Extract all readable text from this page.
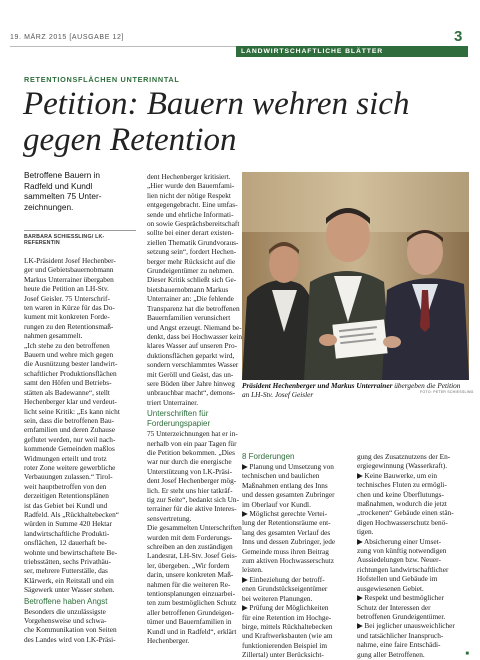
19. MÄRZ 2015 [AUSGABE 12]
LANDWIRTSCHAFTLICHE BLÄTTER
3
RETENTIONSFLÄCHEN UNTERINNTAL
Petition: Bauern wehren sich
gegen Retention
Betroffene Bauern in
Radfeld und Kundl
sammelten 75 Unter-
zeichnungen.
BARBARA SCHIESSLING/ LK-REFERENTIN
LK-Präsident Josef Hechenber-
ger und Gebietsbauernobmann
Markus Unterrainer übergaben
heute die Petition an LH-Stv.
Josef Geisler. 75 Unterschrif-
ten waren in Kürze für das Do-
kument mit konkreten Forde-
rungen zu den Retentionsmaß-
nahmen gesammelt.
„Ich stehe zu den betroffenen
Bauern und wehre mich gegen
die Ausnützung bester landwirt-
schaftlicher Produktionsflächen
samt den Höfen und Betriebs-
stätten als Badewanne“, stellt
Hechenberger klar und verdeut-
licht seine Kritik: „Es kann nicht
sein, dass die betroffenen Bau-
ernfamilien und deren Zuhause
geflutet werden, nur weil nach-
kommende Gemeinden maßlos
Widmungen erteilt und trotz
roter Zone weitere gewerbliche
Verbauungen zulassen.“ Tirol-
weit hauptbetroffen von den
derzeitigen Retentionsplänen
ist das Gebiet bei Kundl und
Radfeld. Als „Rückhaltebecken“
würden in Summe 420 Hektar
landwirtschaftliche Produkti-
onsflächen, 12 dauerhaft be-
wohnte und bewirtschaftete Be-
triebsstätten, sechs Privathäu-
ser, mehrere Futterställe, das
Klärwerk, ein Reitstall und ein
Sägewerk unter Wasser stehen.
Betroffene haben Angst
Besonders die unzulässigste
Vorgehensweise und schwa-
che Kommunikation von Seiten
des Landes wird von LK-Präsi-
dent Hechenberger kritisiert.
„Hier wurde den Bauernfami-
lien nicht der nötige Respekt
entgegengebracht. Eine umfas-
sende und ehrliche Informati-
on sowie Gesprächsbereitschaft
sollte bei einer derart existen-
ziellen Thematik Grundvoraus-
setzung sein“, fordert Hechen-
berger mehr Rücksicht auf die
Grundeigentümer zu nehmen.
Dieser Kritik schließt sich Ge-
bietsbauernobmann Markus
Unterrainer an: „Die fehlende
Transparenz hat die betroffenen
Bauernfamilien verunsichert
und Angst erzeugt. Niemand be-
denkt, dass bei Hochwasser kein
klares Wasser auf unseren Pro-
duktionsflächen geparkt wird,
sondern verschlammtes Wasser
mit Geröll und Geäst, das un-
sere Böden über Jahre hinweg
unbrauchbar macht“, demons-
triert Unterrainer.
Unterschriften für
Forderungspapier
75 Unterzeichnungen hat er in-
nerhalb von ein paar Tagen für
die Petition bekommen. „Dies
war nur durch die energische
Unterstützung von LK-Präsi-
dent Josef Hechenberger mög-
lich. Er steht uns hier tatkräf-
tig zur Seite“, bedankt sich Un-
terrainer für die aktive Interes-
sensvertretung.
Die gesammelten Unterschriften
wurden mit dem Forderungs-
schreiben an den zuständigen
Landesrat, LH-Stv. Josef Geis-
ler, übergeben. „Wir fordern
darin, unsere konkreten Maß-
nahmen für die weiteren Re-
tentionsplanungen einzuarbei-
ten zum bestmöglichen Schutz
aller betroffenen Grundeigen-
tümer und Bauernfamilien in
Kundl und in Radfeld“, erklärt
Hechenberger.
Präsident Hechenberger und Markus Unterrainer übergeben die Petition an LH-Stv. Josef Geisler	FOTO: PETER SCHIESSLING
8 Forderungen
▶ Planung und Umsetzung von
technischen und baulichen
Maßnahmen entlang des Inns
und dessen gesamten Zubringer
im Oberlauf vor Kundl.
▶ Möglichst gerechte Vertei-
lung der Retentionsräume ent-
lang des gesamten Verlauf des
Inns und dessen Zubringer, jede
Gemeinde muss ihren Beitrag
zum aktiven Hochwasserschutz
leisten.
▶ Einbeziehung der betroff-
enen Grundstückseigentümer
bei weiteren Planungen.
▶ Prüfung der Möglichkeiten
für eine Retention im Hochge-
birge, mittels Rückhaltebecken
und Kraftwerksbauten (wie am
funktionierenden Beispiel im
Zillertal) unter Berücksicht-
gung des Zusatznutzens der En-
ergiegewinnung (Wasserkraft).
▶ Keine Bauwerke, um ein
technisches Fluten zu ermögli-
chen und keine Überflutungs-
maßnahmen, wodurch die jetzt
„trockenen“ Gebäude einen stän-
digen Hochwasserschutz benö-
tigen.
▶ Absicherung einer Umset-
zung von künftig notwendigen
Aussiedelungen bzw. Neuer-
richtungen landwirtschaftlicher
Hofstellen und Gebäude im
ausgewiesenen Gebiet.
▶ Respekt und bestmöglicher
Schutz der Interessen der
betroffenen Grundeigentümer.
▶ Bei jeglicher unausweichlicher
und tatsächlicher Inanspruch-
nahme, eine faire Entschädi-
gung aller Betroffenen.	■
